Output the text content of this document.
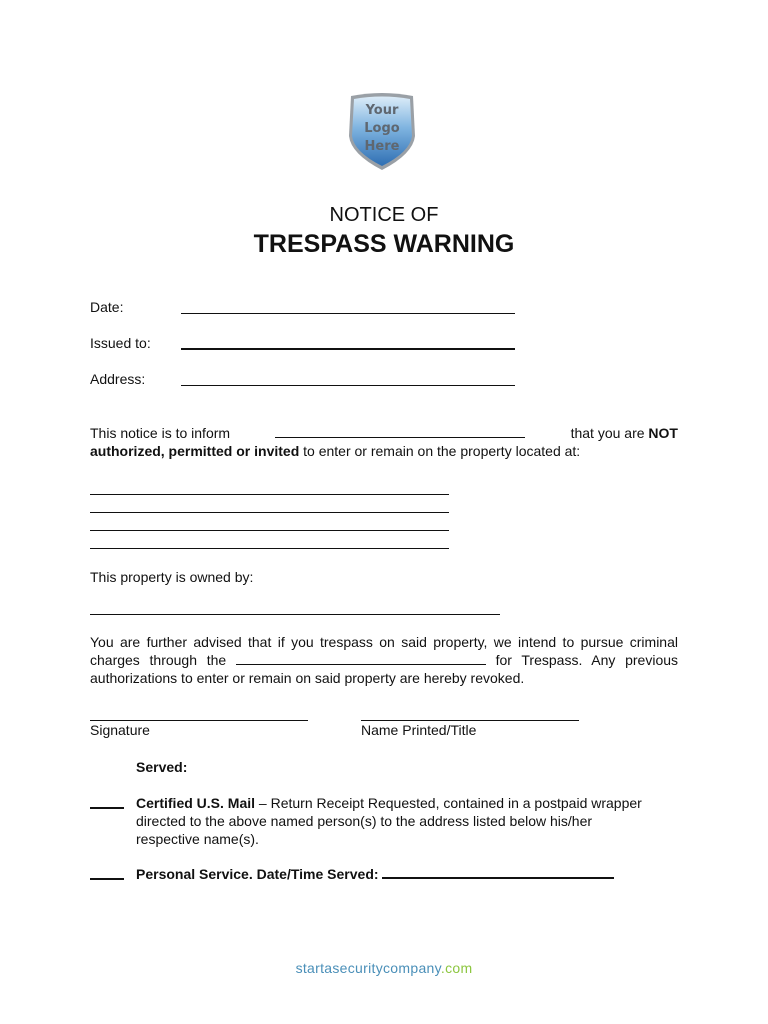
Your
Logo
Here
NOTICE OF
TRESPASS WARNING
Date:
Issued to:
Address:
This notice is to inform	that you are NOT
authorized, permitted or invited to enter or remain on the property located at:
This property is owned by:
You are further advised that if you trespass on said property, we intend to pursue criminal charges through the	for Trespass. Any previous authorizations to enter or remain on said property are hereby revoked.
Signature	Name Printed/Title
Served:
Certified U.S. Mail – Return Receipt Requested, contained in a postpaid wrapper directed to the above named person(s) to the address listed below his/her respective name(s).
Personal Service. Date/Time Served:
startasecuritycompany.com
